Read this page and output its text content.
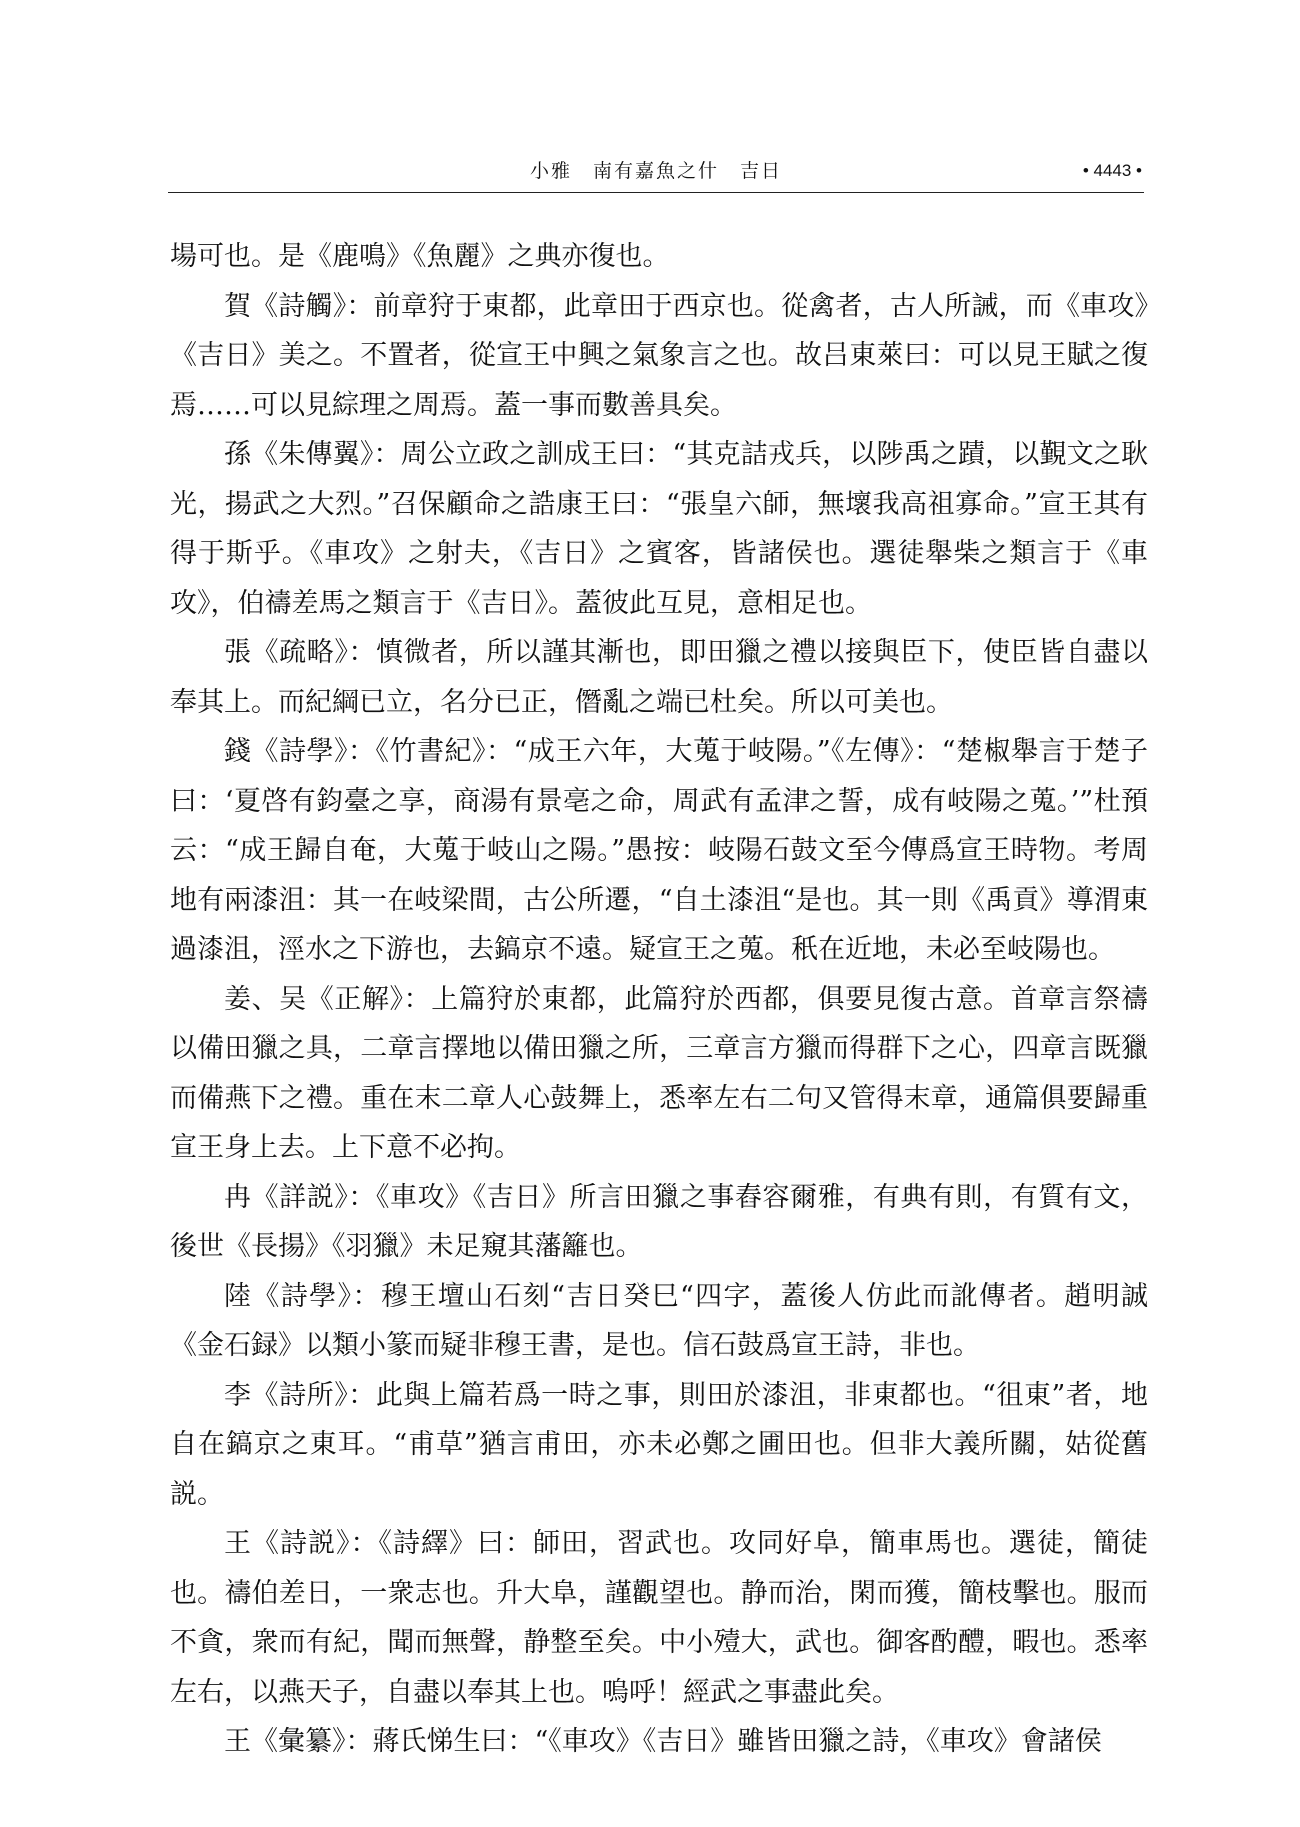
小雅　南有嘉魚之什　吉日	• 4443 •

場可也。是《鹿鳴》《魚麗》之典亦復也。

賀《詩觸》：前章狩于東都，此章田于西京也。從禽者，古人所誡，而《車攻》《吉日》美之。不置者，從宣王中興之氣象言之也。故吕東萊曰：可以見王賦之復焉……可以見綜理之周焉。蓋一事而數善具矣。

孫《朱傳翼》：周公立政之訓成王曰：“其克詰戎兵，以陟禹之蹟，以覲文之耿光，揚武之大烈。”召保顧命之誥康王曰：“張皇六師，無壞我高祖寡命。”宣王其有得于斯乎。《車攻》之射夫，《吉日》之賓客，皆諸侯也。選徒舉柴之類言于《車攻》，伯禱差馬之類言于《吉日》。蓋彼此互見，意相足也。

張《疏略》：慎微者，所以謹其漸也，即田獵之禮以接與臣下，使臣皆自盡以奉其上。而紀綱已立，名分已正，僭亂之端已杜矣。所以可美也。

錢《詩學》：《竹書紀》：“成王六年，大蒐于岐陽。”《左傳》：“楚椒舉言于楚子曰：‘夏啓有鈞臺之享，商湯有景亳之命，周武有孟津之誓，成有岐陽之蒐。’”杜預云：“成王歸自奄，大蒐于岐山之陽。”愚按：岐陽石鼓文至今傳爲宣王時物。考周地有兩漆沮：其一在岐梁間，古公所遷，“自土漆沮“是也。其一則《禹貢》導渭東過漆沮，涇水之下游也，去鎬京不遠。疑宣王之蒐。秖在近地，未必至岐陽也。

姜、吴《正解》：上篇狩於東都，此篇狩於西都，俱要見復古意。首章言祭禱以備田獵之具，二章言擇地以備田獵之所，三章言方獵而得群下之心，四章言既獵而備燕下之禮。重在末二章人心鼓舞上，悉率左右二句又管得末章，通篇俱要歸重宣王身上去。上下意不必拘。

冉《詳説》：《車攻》《吉日》所言田獵之事舂容爾雅，有典有則，有質有文，後世《長揚》《羽獵》未足窺其藩籬也。

陸《詩學》：穆王壇山石刻“吉日癸巳“四字，蓋後人仿此而訛傳者。趙明誠《金石録》以類小篆而疑非穆王書，是也。信石鼓爲宣王詩，非也。

李《詩所》：此與上篇若爲一時之事，則田於漆沮，非東都也。“徂東”者，地自在鎬京之東耳。“甫草”猶言甫田，亦未必鄭之圃田也。但非大義所關，姑從舊説。

王《詩説》：《詩繹》曰：師田，習武也。攻同好阜，簡車馬也。選徒，簡徒也。禱伯差日，一衆志也。升大阜，謹觀望也。静而治，閑而獲，簡枝擊也。服而不貪，衆而有紀，聞而無聲，静整至矣。中小殪大，武也。御客酌醴，暇也。悉率左右，以燕天子，自盡以奉其上也。嗚呼！經武之事盡此矣。

王《彙纂》：蔣氏悌生曰：“《車攻》《吉日》雖皆田獵之詩，《車攻》會諸侯
